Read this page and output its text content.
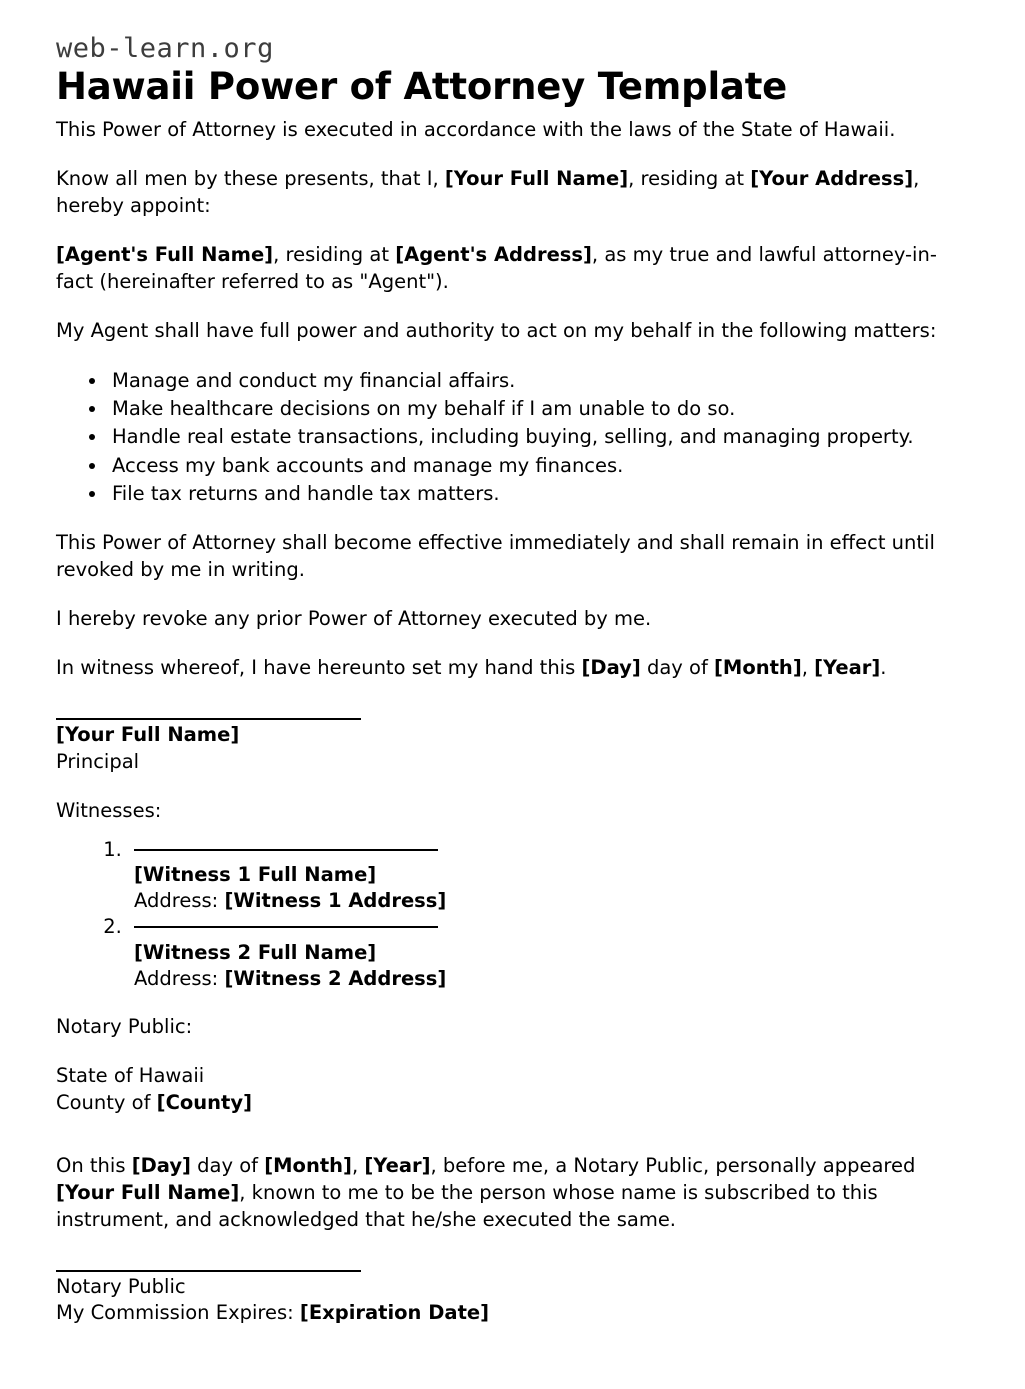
web-learn.org
Hawaii Power of Attorney Template

This Power of Attorney is executed in accordance with the laws of the State of Hawaii.

Know all men by these presents, that I, [Your Full Name], residing at [Your Address], hereby appoint:

[Agent's Full Name], residing at [Agent's Address], as my true and lawful attorney-in-fact (hereinafter referred to as "Agent").

My Agent shall have full power and authority to act on my behalf in the following matters:

• Manage and conduct my financial affairs.
• Make healthcare decisions on my behalf if I am unable to do so.
• Handle real estate transactions, including buying, selling, and managing property.
• Access my bank accounts and manage my finances.
• File tax returns and handle tax matters.

This Power of Attorney shall become effective immediately and shall remain in effect until revoked by me in writing.

I hereby revoke any prior Power of Attorney executed by me.

In witness whereof, I have hereunto set my hand this [Day] day of [Month], [Year].

[Your Full Name]
Principal

Witnesses:

1. [Witness 1 Full Name]
Address: [Witness 1 Address]
2. [Witness 2 Full Name]
Address: [Witness 2 Address]

Notary Public:

State of Hawaii
County of [County]

On this [Day] day of [Month], [Year], before me, a Notary Public, personally appeared [Your Full Name], known to me to be the person whose name is subscribed to this instrument, and acknowledged that he/she executed the same.

Notary Public
My Commission Expires: [Expiration Date]
